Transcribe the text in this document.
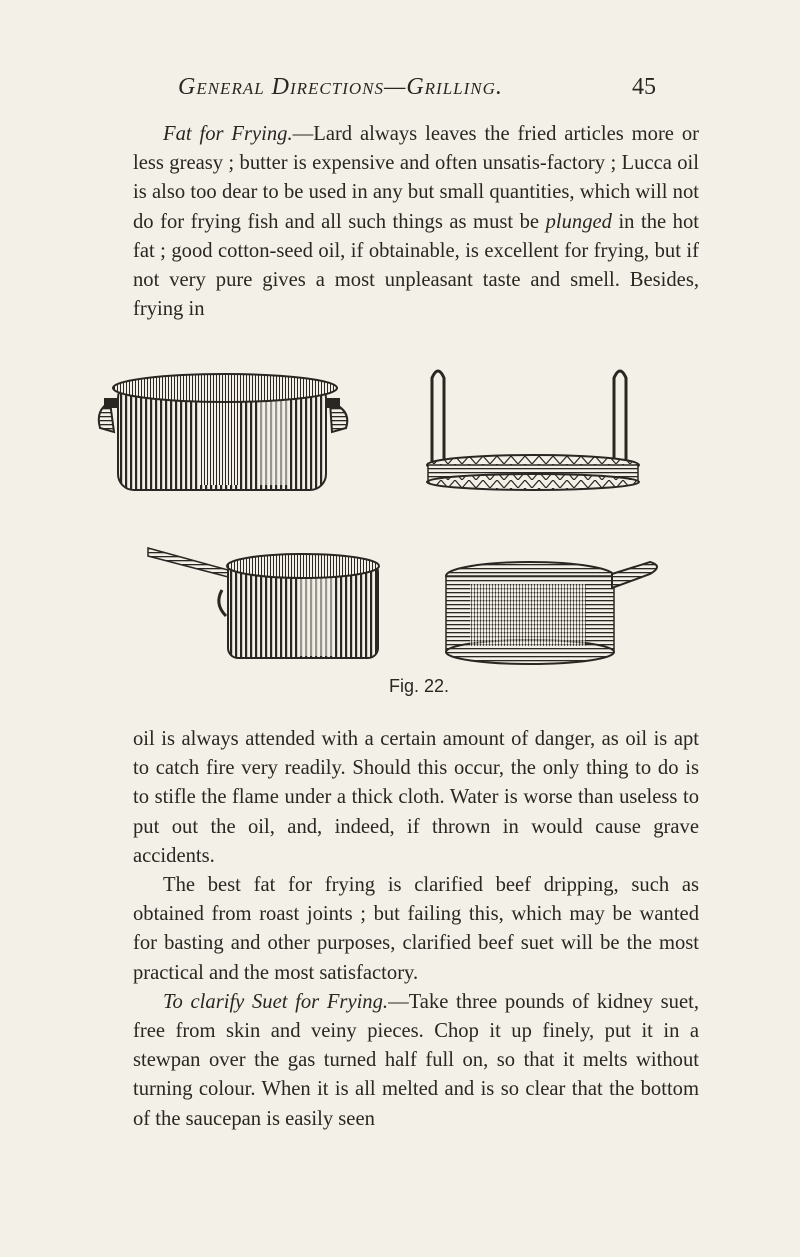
General Directions—Grilling.	45

Fat for Frying.—Lard always leaves the fried articles more or less greasy ; butter is expensive and often unsatis-factory ; Lucca oil is also too dear to be used in any but small quantities, which will not do for frying fish and all such things as must be plunged in the hot fat ; good cotton-seed oil, if obtainable, is excellent for frying, but if not very pure gives a most unpleasant taste and smell. Besides, frying in

Fig. 22.

oil is always attended with a certain amount of danger, as oil is apt to catch fire very readily. Should this occur, the only thing to do is to stifle the flame under a thick cloth. Water is worse than useless to put out the oil, and, indeed, if thrown in would cause grave accidents.

The best fat for frying is clarified beef dripping, such as obtained from roast joints ; but failing this, which may be wanted for basting and other purposes, clarified beef suet will be the most practical and the most satisfactory.

To clarify Suet for Frying.—Take three pounds of kidney suet, free from skin and veiny pieces. Chop it up finely, put it in a stewpan over the gas turned half full on, so that it melts without turning colour. When it is all melted and is so clear that the bottom of the saucepan is easily seen
